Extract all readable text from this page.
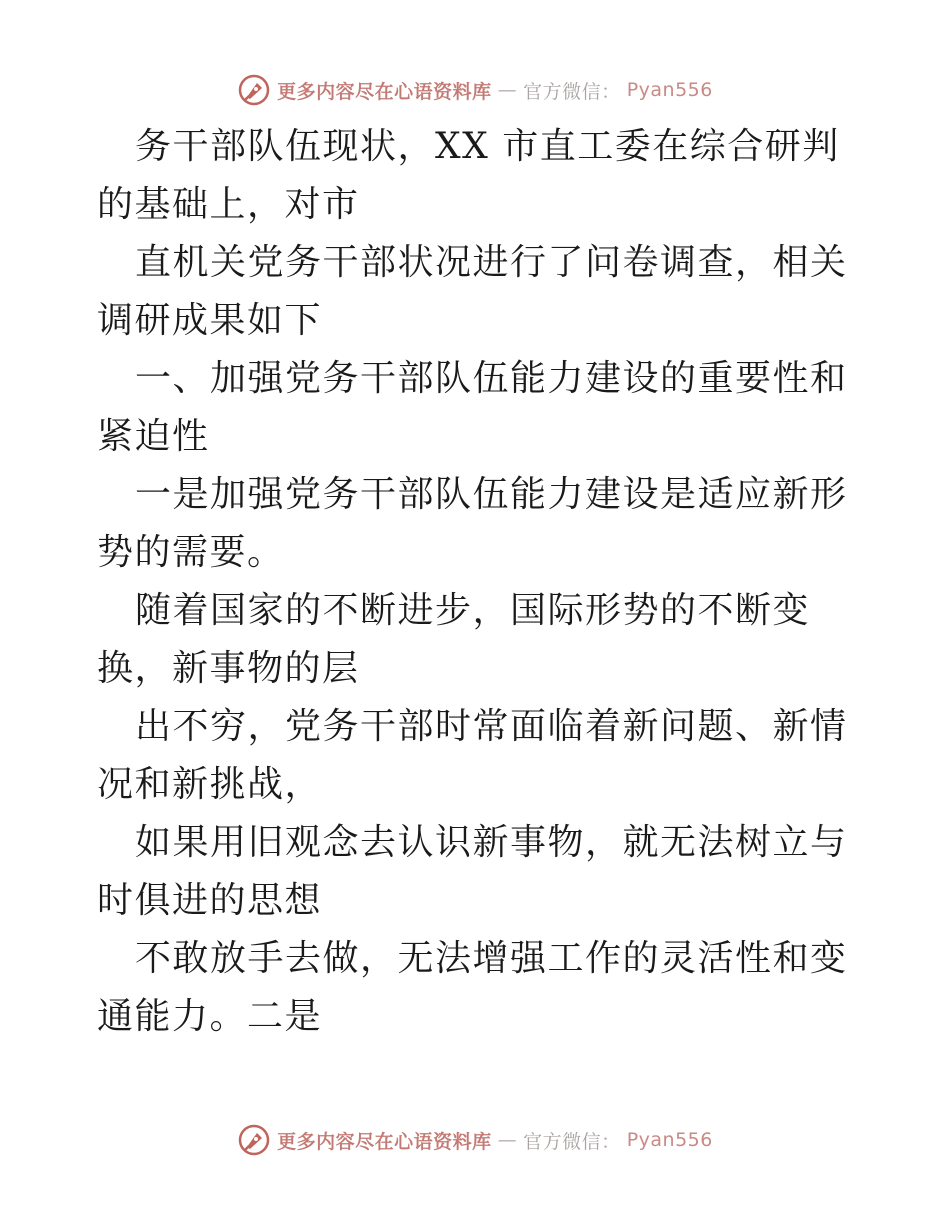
更多内容尽在心语资料库 — 官方微信： Pyan556

务干部队伍现状，XX 市直工委在综合研判的基础上，对市

直机关党务干部状况进行了问卷调查，相关调研成果如下

一、加强党务干部队伍能力建设的重要性和紧迫性

一是加强党务干部队伍能力建设是适应新形势的需要。

随着国家的不断进步，国际形势的不断变换，新事物的层

出不穷，党务干部时常面临着新问题、新情况和新挑战，

如果用旧观念去认识新事物，就无法树立与时俱进的思想

不敢放手去做，无法增强工作的灵活性和变通能力。二是

更多内容尽在心语资料库 — 官方微信： Pyan556
